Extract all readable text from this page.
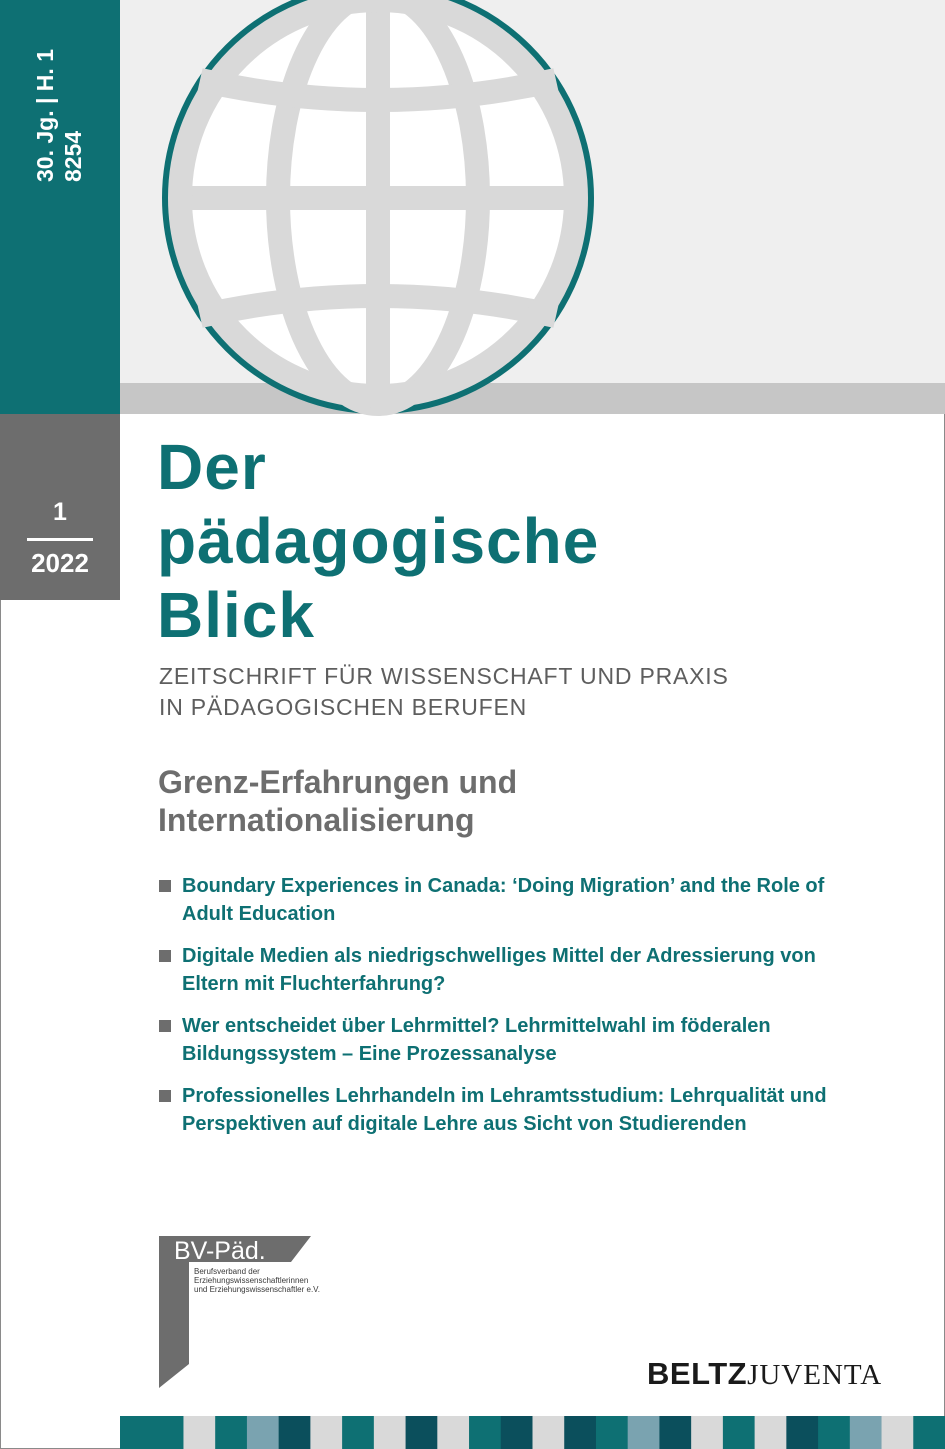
30. Jg. | H. 1 8254
1
2022
Der
pädagogische
Blick
ZEITSCHRIFT FÜR WISSENSCHAFT UND PRAXIS
IN PÄDAGOGISCHEN BERUFEN
Grenz-Erfahrungen und
Internationalisierung
Boundary Experiences in Canada: ‘Doing Migration’ and the Role of
Adult Education
Digitale Medien als niedrigschwelliges Mittel der Adressierung von
Eltern mit Fluchterfahrung?
Wer entscheidet über Lehrmittel? Lehrmittelwahl im föderalen
Bildungssystem – Eine Prozessanalyse
Professionelles Lehrhandeln im Lehramtsstudium: Lehrqualität und
Perspektiven auf digitale Lehre aus Sicht von Studierenden
BV-Päd.
Berufsverband der
Erziehungswissenschaftlerinnen
und Erziehungswissenschaftler e.V.
BELTZJUVENTA
